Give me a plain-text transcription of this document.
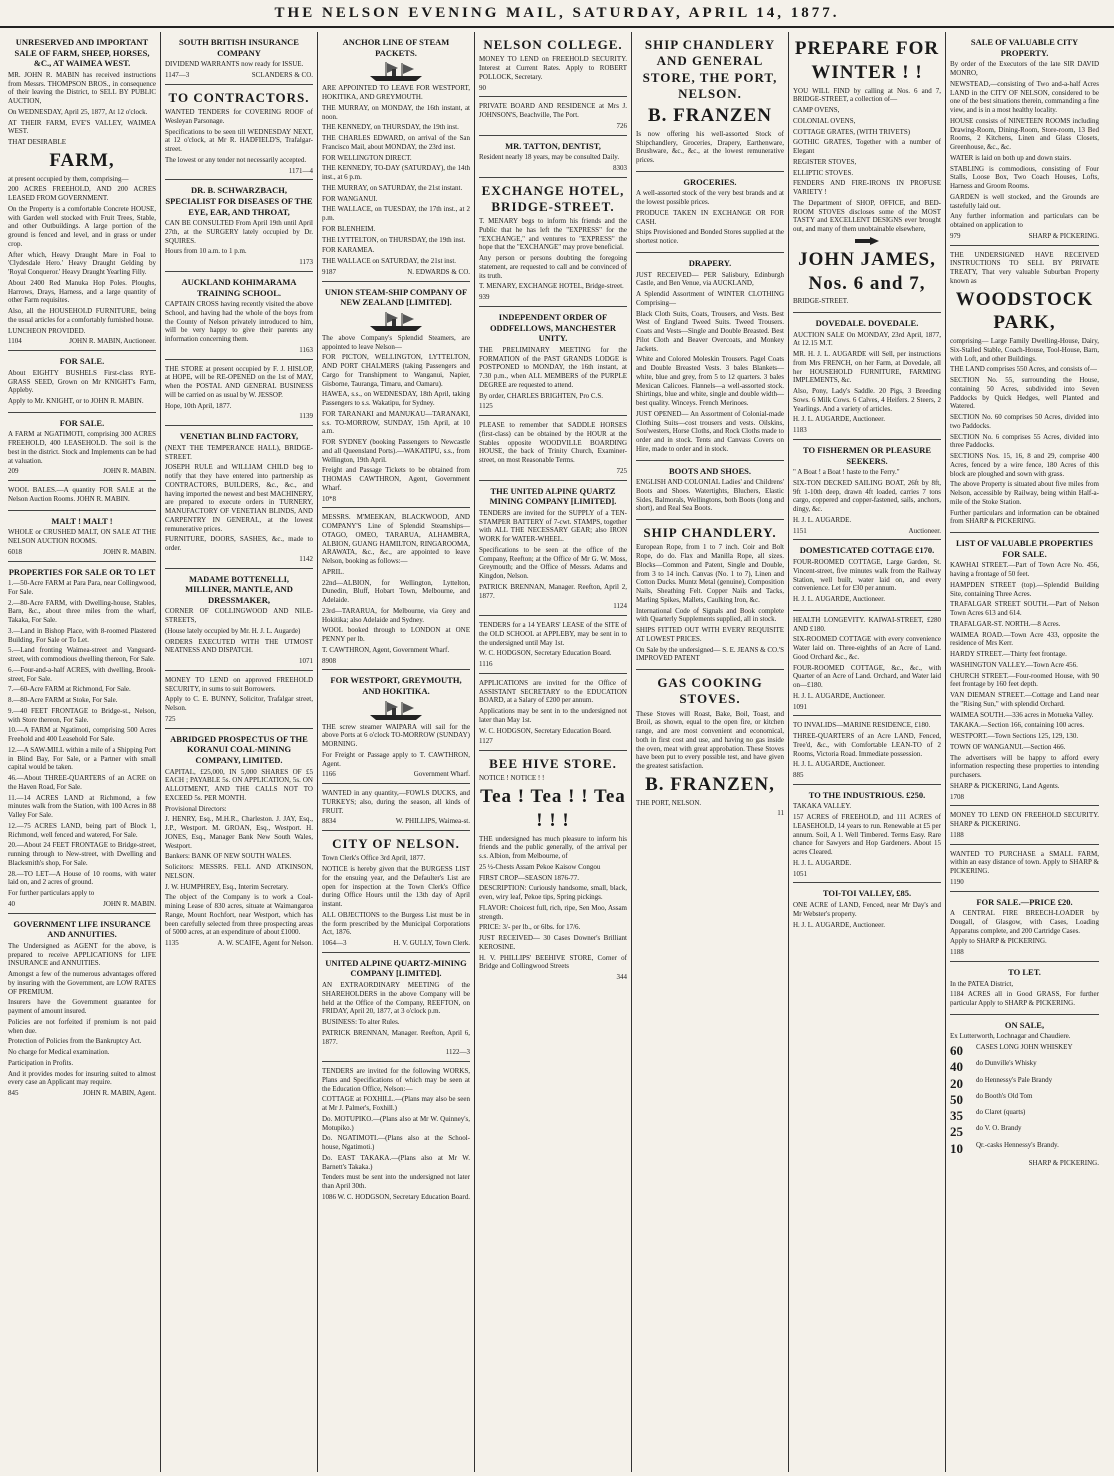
THE NELSON EVENING MAIL, SATURDAY, APRIL 14, 1877.
UNRESERVED AND IMPORTANT SALE OF FARM, SHEEP, HORSES, &C., AT WAIMEA WEST.
MR. JOHN R. MABIN has received instructions from Messrs. THOMPSON BROS., in consequence of their leaving the District, to SELL BY PUBLIC AUCTION,
On WEDNESDAY, April 25, 1877, At 12 o'clock.
AT THEIR FARM, EVE'S VALLEY, WAIMEA WEST.
THAT DESIRABLE
FARM,
at present occupied by them, comprising—
200 ACRES FREEHOLD, AND 200 ACRES LEASED FROM GOVERNMENT.
On the Property is a comfortable Concrete HOUSE, with Garden well stocked with Fruit Trees, Stable, and other Outbuildings. A large portion of the ground is fenced and level, and in grass or under crop.
After which, Heavy Draught Mare in Foal to 'Clydesdale Hero.' Heavy Draught Gelding by 'Royal Conqueror.' Heavy Draught Yearling Filly.
About 2400 Red Manuka Hop Poles. Ploughs, Harrows, Drays, Harness, and a large quantity of other Farm requisites.
Also, all the HOUSEHOLD FURNITURE, being the usual articles for a comfortably furnished house.
LUNCHEON PROVIDED.
1104	JOHN R. MABIN, Auctioneer.
FOR SALE.
About EIGHTY BUSHELS First-class RYE-GRASS SEED, Grown on Mr KNIGHT's Farm, Appleby.
Apply to Mr. KNIGHT, or to JOHN R. MABIN.
FOR SALE.
A FARM at NGATIMOTI, comprising 300 ACRES FREEHOLD, 400 LEASEHOLD. The soil is the best in the district. Stock and Implements can be had at valuation.
209	JOHN R. MABIN.
WOOL BALES.—A quantity FOR SALE at the Nelson Auction Rooms. JOHN R. MABIN.
MALT ! MALT !
WHOLE or CRUSHED MALT, ON SALE AT THE NELSON AUCTION ROOMS.
6018	JOHN R. MABIN.
PROPERTIES FOR SALE OR TO LET
1.—50-Acre FARM at Para Para, near Collingwood, For Sale.
2.—80-Acre FARM, with Dwelling-house, Stables, Barn, &c., about three miles from the wharf, Takaka, For Sale.
3.—Land in Bishop Place, with 8-roomed Plastered Building, For Sale or To Let.
5.—Land fronting Waimea-street and Vanguard-street, with commodious dwelling thereon, For Sale.
6.—Four-and-a-half ACRES, with dwelling, Brook-street, For Sale.
7.—60-Acre FARM at Richmond, For Sale.
8.—80-Acre FARM at Stoke, For Sale.
9.—40 FEET FRONTAGE to Bridge-st., Nelson, with Store thereon, For Sale.
10.—A FARM at Ngatimoti, comprising 500 Acres Freehold and 400 Leasehold For Sale.
12.—A SAW-MILL within a mile of a Shipping Port in Blind Bay, For Sale, or a Partner with small capital would be taken.
46.—About THREE-QUARTERS of an ACRE on the Haven Road, For Sale.
11.—14 ACRES LAND at Richmond, a few minutes walk from the Station, with 100 Acres in 88 Valley For Sale.
12.—75 ACRES LAND, being part of Block 1, Richmond, well fenced and watered, For Sale.
20.—About 24 FEET FRONTAGE to Bridge-street, running through to New-street, with Dwelling and Blacksmith's shop, For Sale.
28.—TO LET—A House of 10 rooms, with water laid on, and 2 acres of ground.
For further particulars apply to
40	JOHN R. MABIN.
GOVERNMENT LIFE INSURANCE AND ANNUITIES.
The Undersigned as AGENT for the above, is prepared to receive APPLICATIONS for LIFE INSURANCE and ANNUITIES.
Amongst a few of the numerous advantages offered by insuring with the Government, are LOW RATES OF PREMIUM.
Insurers have the Government guarantee for payment of amount insured.
Policies are not forfeited if premium is not paid when due.
Protection of Policies from the Bankruptcy Act.
No charge for Medical examination.
Participation in Profits.
And it provides modes for insuring suited to almost every case an Applicant may require.
845	JOHN R. MABIN, Agent.
SOUTH BRITISH INSURANCE COMPANY
DIVIDEND WARRANTS now ready for ISSUE.
1147—3	SCLANDERS & CO.
TO CONTRACTORS.
WANTED TENDERS for COVERING ROOF of Wesleyan Parsonage.
Specifications to be seen till WEDNESDAY NEXT, at 12 o'clock, at Mr R. HADFIELD'S, Trafalgar-street.
The lowest or any tender not necessarily accepted.
1171—4
DR. B. SCHWARZBACH, SPECIALIST FOR DISEASES OF THE EYE, EAR, AND THROAT,
CAN BE CONSULTED From April 19th until April 27th, at the SURGERY lately occupied by Dr. SQUIRES.
Hours from 10 a.m. to 1 p.m.
1173
AUCKLAND KOHIMARAMA TRAINING SCHOOL.
CAPTAIN CROSS having recently visited the above School, and having had the whole of the boys from the County of Nelson privately introduced to him, will be very happy to give their parents any information concerning them.
1163
THE STORE at present occupied by F. J. HISLOP, at HOPE, will be RE-OPENED on the 1st of MAY, when the POSTAL AND GENERAL BUSINESS will be carried on as usual by W. JESSOP.
Hope, 10th April, 1877.
1139
VENETIAN BLIND FACTORY,
(NEXT THE TEMPERANCE HALL), BRIDGE-STREET.
JOSEPH RULE and WILLIAM CHILD beg to notify that they have entered into partnership as CONTRACTORS, BUILDERS, &c., &c., and having imported the newest and best MACHINERY, are prepared to execute orders in TURNERY, MANUFACTORY OF VENETIAN BLINDS, AND CARPENTRY IN GENERAL, at the lowest remunerative prices.
FURNITURE, DOORS, SASHES, &c., made to order.
1142
MADAME BOTTENELLI, MILLINER, MANTLE, AND DRESSMAKER,
CORNER OF COLLINGWOOD AND NILE-STREETS,
(House lately occupied by Mr. H. J. L. Augarde)
ORDERS EXECUTED WITH THE UTMOST NEATNESS AND DISPATCH.
1071
MONEY TO LEND on approved FREEHOLD SECURITY, in sums to suit Borrowers.
Apply to C. E. BUNNY, Solicitor, Trafalgar street, Nelson.
725
ABRIDGED PROSPECTUS OF THE KORANUI COAL-MINING COMPANY, LIMITED.
CAPITAL, £25,000, IN 5,000 SHARES OF £5 EACH ; PAYABLE 5s. ON APPLICATION, 5s. ON ALLOTMENT, AND THE CALLS NOT TO EXCEED 5s. PER MONTH.
Provisional Directors:
J. HENRY, Esq., M.H.R., Charleston. J. JAY, Esq., J.P., Westport. M. GROAN, Esq., Westport. H. JONES, Esq., Manager Bank New South Wales, Westport.
Bankers: BANK OF NEW SOUTH WALES.
Solicitors: MESSRS. FELL AND ATKINSON, NELSON.
J. W. HUMPHREY, Esq., Interim Secretary.
The object of the Company is to work a Coal-mining Lease of 830 acres, situate at Waimangaroa Range, Mount Rochfort, near Westport, which has been carefully selected from three prospecting areas of 5000 acres, at an expenditure of about £1000.
1135	A. W. SCAIFE, Agent for Nelson.
ANCHOR LINE OF STEAM PACKETS.
ARE APPOINTED TO LEAVE FOR WESTPORT, HOKITIKA, AND GREYMOUTH.
THE MURRAY, on MONDAY, the 16th instant, at noon.
THE KENNEDY, on THURSDAY, the 19th inst.
THE CHARLES EDWARD, on arrival of the San Francisco Mail, about MONDAY, the 23rd inst.
FOR WELLINGTON DIRECT.
THE KENNEDY, TO-DAY (SATURDAY), the 14th inst., at 6 p.m.
THE MURRAY, on SATURDAY, the 21st instant.
FOR WANGANUI.
THE WALLACE, on TUESDAY, the 17th inst., at 2 p.m.
FOR BLENHEIM.
THE LYTTELTON, on THURSDAY, the 19th inst.
FOR KARAMEA.
THE WALLACE on SATURDAY, the 21st inst.
9187	N. EDWARDS & CO.
UNION STEAM-SHIP COMPANY OF NEW ZEALAND [LIMITED].
The above Company's Splendid Steamers, are appointed to leave Nelson—
FOR PICTON, WELLINGTON, LYTTELTON, AND PORT CHALMERS (taking Passengers and Cargo for Transhipment to Wanganui, Napier, Gisborne, Tauranga, Timaru, and Oamaru).
HAWEA, s.s., on WEDNESDAY, 18th April, taking Passengers to s.s. Wakatipu, for Sydney.
FOR TARANAKI and MANUKAU—TARANAKI, s.s. TO-MORROW, SUNDAY, 15th April, at 10 a.m.
FOR SYDNEY (booking Passengers to Newcastle and all Queensland Ports).—WAKATIPU, s.s., from Wellington, 19th April.
Freight and Passage Tickets to be obtained from THOMAS CAWTHRON, Agent, Government Wharf.
10*8
MESSRS. M'MEEKAN, BLACKWOOD, AND COMPANY'S Line of Splendid Steamships—OTAGO, OMEO, TARARUA, ALHAMBRA, ALBION, GUANG HAMILTON, RINGAROOMA, ARAWATA, &c., &c., are appointed to leave Nelson, booking as follows:—
APRIL.
22nd—ALBION, for Wellington, Lyttelton, Dunedin, Bluff, Hobart Town, Melbourne, and Adelaide.
23rd—TARARUA, for Melbourne, via Grey and Hokitika; also Adelaide and Sydney.
WOOL booked through to LONDON at ONE PENNY per lb.
T. CAWTHRON, Agent, Government Wharf.
8908
FOR WESTPORT, GREYMOUTH, AND HOKITIKA.
THE screw steamer WAIPARA will sail for the above Ports at 6 o'clock TO-MORROW (SUNDAY) MORNING.
For Freight or Passage apply to T. CAWTHRON, Agent.
1166	Government Wharf.
WANTED in any quantity,—FOWLS DUCKS, and TURKEYS; also, during the season, all kinds of FRUIT.
8834	W. PHILLIPS, Waimea-st.
CITY OF NELSON.
Town Clerk's Office 3rd April, 1877.
NOTICE is hereby given that the BURGESS LIST for the ensuing year, and the Defaulter's List are open for inspection at the Town Clerk's Office during Office Hours until the 13th day of April instant.
ALL OBJECTIONS to the Burgess List must be in the form prescribed by the Municipal Corporations Act, 1876.
1064—3	H. V. GULLY, Town Clerk.
UNITED ALPINE QUARTZ-MINING COMPANY [LIMITED].
AN EXTRAORDINARY MEETING of the SHAREHOLDERS in the above Company will be held at the Office of the Company, REEFTON, on FRIDAY, April 20, 1877, at 3 o'clock p.m.
BUSINESS: To alter Rules.
PATRICK BRENNAN, Manager. Reefton, April 6, 1877.
1122—3
TENDERS are invited for the following WORKS, Plans and Specifications of which may be seen at the Education Office, Nelson:—
COTTAGE at FOXHILL.—(Plans may also be seen at Mr J. Palmer's, Foxhill.)
Do. MOTUPIKO.—(Plans also at Mr W. Quinney's, Motupiko.)
Do. NGATIMOTI.—(Plans also at the School-house, Ngatimoti.)
Do. EAST TAKAKA.—(Plans also at Mr W. Barnett's Takaka.)
Tenders must be sent into the undersigned not later than April 30th.
1086 W. C. HODGSON, Secretary Education Board.
NELSON COLLEGE.
MONEY TO LEND on FREEHOLD SECURITY. Interest at Current Rates. Apply to ROBERT POLLOCK, Secretary.
90
PRIVATE BOARD AND RESIDENCE at Mrs J. JOHNSON'S, Beachville, The Port.
726
MR. TATTON, DENTIST,
Resident nearly 18 years, may be consulted Daily.
8303
EXCHANGE HOTEL, BRIDGE-STREET.
T. MENARY begs to inform his friends and the Public that he has left the "EXPRESS" for the "EXCHANGE," and ventures to "EXPRESS" the hope that the "EXCHANGE" may prove beneficial.
Any person or persons doubting the foregoing statement, are requested to call and be convinced of its truth.
T. MENARY, EXCHANGE HOTEL, Bridge-street.
939
INDEPENDENT ORDER OF ODDFELLOWS, MANCHESTER UNITY.
THE PRELIMINARY MEETING for the FORMATION of the PAST GRANDS LODGE is POSTPONED to MONDAY, the 16th instant, at 7.30 p.m., when ALL MEMBERS of the PURPLE DEGREE are requested to attend.
By order, CHARLES BRIGHTEN, Pro C.S.
1125
PLEASE to remember that SADDLE HORSES (first-class) can be obtained by the HOUR at the Stables opposite WOODVILLE BOARDING HOUSE, the back of Trinity Church, Examiner-street, on most Reasonable Terms.
725
THE UNITED ALPINE QUARTZ MINING COMPANY [LIMITED].
TENDERS are invited for the SUPPLY of a TEN-STAMPER BATTERY of 7-cwt. STAMPS, together with ALL THE NECESSARY GEAR; also IRON WORK for WATER-WHEEL.
Specifications to be seen at the office of the Company, Reefton; at the Office of Mr G. W. Moss, Greymouth; and the Office of Messrs. Adams and Kingdon, Nelson.
PATRICK BRENNAN, Manager. Reefton, April 2, 1877.
1124
TENDERS for a 14 YEARS' LEASE of the SITE of the OLD SCHOOL at APPLEBY, may be sent in to the undersigned until May 1st.
W. C. HODGSON, Secretary Education Board.
1116
APPLICATIONS are invited for the Office of ASSISTANT SECRETARY to the EDUCATION BOARD, at a Salary of £200 per annum.
Applications may be sent in to the undersigned not later than May 1st.
W. C. HODGSON, Secretary Education Board.
1127
BEE HIVE STORE.
NOTICE ! NOTICE ! !
Tea ! Tea ! ! Tea ! ! !
THE undersigned has much pleasure to inform his friends and the public generally, of the arrival per s.s. Albion, from Melbourne, of
25 ½-Chests Assam Pekoe Kaisow Congou
FIRST CROP—SEASON 1876-77.
DESCRIPTION: Curiously handsome, small, black, even, wiry leaf, Pekoe tips, Spring pickings.
FLAVOR: Choicest full, rich, ripe, Sen Moo, Assam strength.
PRICE: 3/- per lb., or 6lbs. for 17/6.
JUST RECEIVED— 30 Cases Downer's Brilliant KEROSINE.
H. V. PHILLIPS' BEEHIVE STORE, Corner of Bridge and Collingwood Streets
344
SHIP CHANDLERY AND GENERAL STORE, THE PORT, NELSON.
B. FRANZEN
Is now offering his well-assorted Stock of Shipchandlery, Groceries, Drapery, Earthenware, Brushware, &c., &c., at the lowest remunerative prices.
GROCERIES.
A well-assorted stock of the very best brands and at the lowest possible prices.
PRODUCE TAKEN IN EXCHANGE OR FOR CASH.
Ships Provisioned and Bonded Stores supplied at the shortest notice.
DRAPERY.
JUST RECEIVED— PER Salisbury, Edinburgh Castle, and Ben Venue, via AUCKLAND,
A Splendid Assortment of WINTER CLOTHING Comprising—
Black Cloth Suits, Coats, Trousers, and Vests. Best West of England Tweed Suits. Tweed Trousers. Coats and Vests—Single and Double Breasted. Best Pilot Cloth and Beaver Overcoats, and Monkey Jackets.
White and Colored Moleskin Trousers. Pagel Coats and Double Breasted Vests. 3 bales Blankets—white, blue and grey, from 5 to 12 quarters. 3 bales Mexican Calicoes. Flannels—a well-assorted stock. Shirtings, blue and white, single and double width—best quality. Winceys. French Merinoes.
JUST OPENED— An Assortment of Colonial-made Clothing Suits—cost trousers and vests. Oilskins, Sou'westers, Horse Cloths, and Rock Cloths made to order and in stock. Tents and Canvass Covers on Hire, made to order and in stock.
BOOTS AND SHOES.
ENGLISH AND COLONIAL Ladies' and Childrens' Boots and Shoes. Watertights, Bluchers, Elastic Sides, Balmorals, Wellingtons, both Boots (long and short), and Real Sea Boots.
SHIP CHANDLERY.
European Rope, from 1 to 7 inch. Coir and Bolt Rope, do do. Flax and Manilla Rope, all sizes. Blocks—Common and Patent, Single and Double, from 3 to 14 inch. Canvas (No. 1 to 7), Linen and Cotton Ducks. Muntz Metal (genuine), Composition Nails, Sheathing Felt. Copper Nails and Tacks, Marling Spikes, Mallets, Caulking Iron, &c.
International Code of Signals and Book complete with Quarterly Supplements supplied, all in stock.
SHIPS FITTED OUT WITH EVERY REQUISITE AT LOWEST PRICES.
On Sale by the undersigned— S. E. JEANS & CO.'S IMPROVED PATENT
GAS COOKING STOVES.
These Stoves will Roast, Bake, Boil, Toast, and Broil, as shown, equal to the open fire, or kitchen range, and are most convenient and economical, both in first cost and use, and having no gas inside the oven, meat with great approbation. These Stoves have been put to every possible test, and have given the greatest satisfaction.
B. FRANZEN,
THE PORT, NELSON.
11
PREPARE FOR WINTER ! !
YOU WILL FIND by calling at Nos. 6 and 7, BRIDGE-STREET, a collection of—
CAMP OVENS,
COLONIAL OVENS,
COTTAGE GRATES, (WITH TRIVETS)
GOTHIC GRATES, Together with a number of Elegant
REGISTER STOVES,
ELLIPTIC STOVES.
FENDERS AND FIRE-IRONS IN PROFUSE VARIETY !
The Department of SHOP, OFFICE, and BED-ROOM STOVES discloses some of the MOST TASTY and EXCELLENT DESIGNS ever brought out, and many of them unobtainable elsewhere,
JOHN JAMES, Nos. 6 and 7,
BRIDGE-STREET.
DOVEDALE. DOVEDALE.
AUCTION SALE On MONDAY, 23rd April, 1877, At 12.15 M.T.
MR. H. J. L. AUGARDE will Sell, per instructions from Mrs FRENCH, on her Farm, at Dovedale, all her HOUSEHOLD FURNITURE, FARMING IMPLEMENTS, &c.
Also, Pony, Lady's Saddle. 20 Pigs, 3 Breeding Sows. 6 Milk Cows. 6 Calves, 4 Heifers. 2 Steers, 2 Yearlings. And a variety of articles.
H. J. L. AUGARDE, Auctioneer.
1183
TO FISHERMEN OR PLEASURE SEEKERS.
" A Boat ! a Boat ! haste to the Ferry."
SIX-TON DECKED SAILING BOAT, 26ft by 8ft, 9ft 1-10th deep, drawn 4ft loaded, carries 7 tons cargo, coppered and copper-fastened, sails, anchors, dingy, &c.
H. J. L. AUGARDE.
1151	Auctioneer.
DOMESTICATED COTTAGE £170.
FOUR-ROOMED COTTAGE, Large Garden, St. Vincent-street, five minutes walk from the Railway Station, well built, water laid on, and every convenience. Let for £30 per annum.
H. J. L. AUGARDE, Auctioneer.
HEALTH LONGEVITY. KAIWAI-STREET, £280 AND £180.
SIX-ROOMED COTTAGE with every convenience Water laid on. Three-eighths of an Acre of Land. Good Orchard &c., &c.
FOUR-ROOMED COTTAGE, &c., &c., with Quarter of an Acre of Land. Orchard, and Water laid on—£180.
H. J. L. AUGARDE, Auctioneer.
1091
TO INVALIDS—MARINE RESIDENCE, £180.
THREE-QUARTERS of an Acre LAND, Fenced, Tree'd, &c., with Comfortable LEAN-TO of 2 Rooms, Victoria Road. Immediate possession.
H. J. L. AUGARDE, Auctioneer.
885
TO THE INDUSTRIOUS. £250.
TAKAKA VALLEY.
157 ACRES of FREEHOLD, and 111 ACRES of LEASEHOLD, 14 years to run. Renewable at £5 per annum. Soil, A 1. Well Timbered. Terms Easy. Rare chance for Sawyers and Hop Gardeners. About 15 acres Cleared.
H. J. L. AUGARDE.
1051
TOI-TOI VALLEY, £85.
ONE ACRE of LAND, Fenced, near Mr Day's and Mr Webster's property.
H. J. L. AUGARDE, Auctioneer.
SALE OF VALUABLE CITY PROPERTY.
By order of the Executors of the late SIR DAVID MONRO,
NEWSTEAD,—consisting of Two and-a-half Acres LAND in the CITY OF NELSON, considered to be one of the best situations therein, commanding a fine view, and is in a most healthy locality.
HOUSE consists of NINETEEN ROOMS including Drawing-Room, Dining-Room, Store-room, 13 Bed Rooms, 2 Kitchens, Linen and Glass Closets, Greenhouse, &c., &c.
WATER is laid on both up and down stairs.
STABLING is commodious, consisting of Four Stalls, Loose Box, Two Coach Houses, Lofts, Harness and Groom Rooms.
GARDEN is well stocked, and the Grounds are tastefully laid out.
Any further information and particulars can be obtained on application to
979	SHARP & PICKERING.
THE UNDERSIGNED HAVE RECEIVED INSTRUCTIONS TO SELL BY PRIVATE TREATY, That very valuable Suburban Property known as
WOODSTOCK PARK,
comprising— Large Family Dwelling-House, Dairy, Six-Stalled Stable, Coach-House, Tool-House, Barn, with Loft, and other Buildings.
THE LAND comprises 550 Acres, and consists of—
SECTION No. 55, surrounding the House, containing 50 Acres, subdivided into Seven Paddocks by Quick Hedges, well Planted and Watered.
SECTION No. 60 comprises 50 Acres, divided into two Paddocks.
SECTION No. 6 comprises 55 Acres, divided into three Paddocks.
SECTIONS Nos. 15, 16, 8 and 29, comprise 400 Acres, fenced by a wire fence, 180 Acres of this block are ploughed and sown with grass.
The above Property is situated about five miles from Nelson, accessible by Railway, being within Half-a-mile of the Stoke Station.
Further particulars and information can be obtained from SHARP & PICKERING.
LIST OF VALUABLE PROPERTIES FOR SALE.
KAWHAI STREET.—Part of Town Acre No. 456, having a frontage of 50 feet.
HAMPDEN STREET (top).—Splendid Building Site, containing Three Acres.
TRAFALGAR STREET SOUTH.—Part of Nelson Town Acres 613 and 614.
TRAFALGAR-ST. NORTH.—8 Acres.
WAIMEA ROAD.—Town Acre 433, opposite the residence of Mrs Kerr.
HARDY STREET.—Thirty feet frontage.
WASHINGTON VALLEY.—Town Acre 456.
CHURCH STREET.—Four-roomed House, with 90 feet frontage by 160 feet depth.
VAN DIEMAN STREET.—Cottage and Land near the "Rising Sun," with splendid Orchard.
WAIMEA SOUTH.—336 acres in Motueka Valley.
TAKAKA.—Section 166, containing 100 acres.
WESTPORT.—Town Sections 125, 129, 130.
TOWN OF WANGANUI.—Section 466.
The advertisers will be happy to afford every information respecting these properties to intending purchasers.
SHARP & PICKERING, Land Agents.
1708
MONEY TO LEND ON FREEHOLD SECURITY. SHARP & PICKERING.
1188
WANTED TO PURCHASE a SMALL FARM, within an easy distance of town. Apply to SHARP & PICKERING.
1190
FOR SALE.—PRICE £20.
A CENTRAL FIRE BREECH-LOADER by Dougall, of Glasgow, with Cases, Loading Apparatus complete, and 200 Cartridge Cases.
Apply to SHARP & PICKERING.
1188
TO LET.
In the PATEA District,
1184 ACRES all in Good GRASS, For further particular Apply to SHARP & PICKERING.
ON SALE,
Ex Lutterworth, Lochnagar and Chaudiere.
60	CASES LONG JOHN WHISKEY
40	do Dunville's Whisky
20	do Hennessy's Pale Brandy
50	do Booth's Old Tom
35	do Claret (quarts)
25	do V. O. Brandy
10	Qr.-casks Hennessy's Brandy.
SHARP & PICKERING.
